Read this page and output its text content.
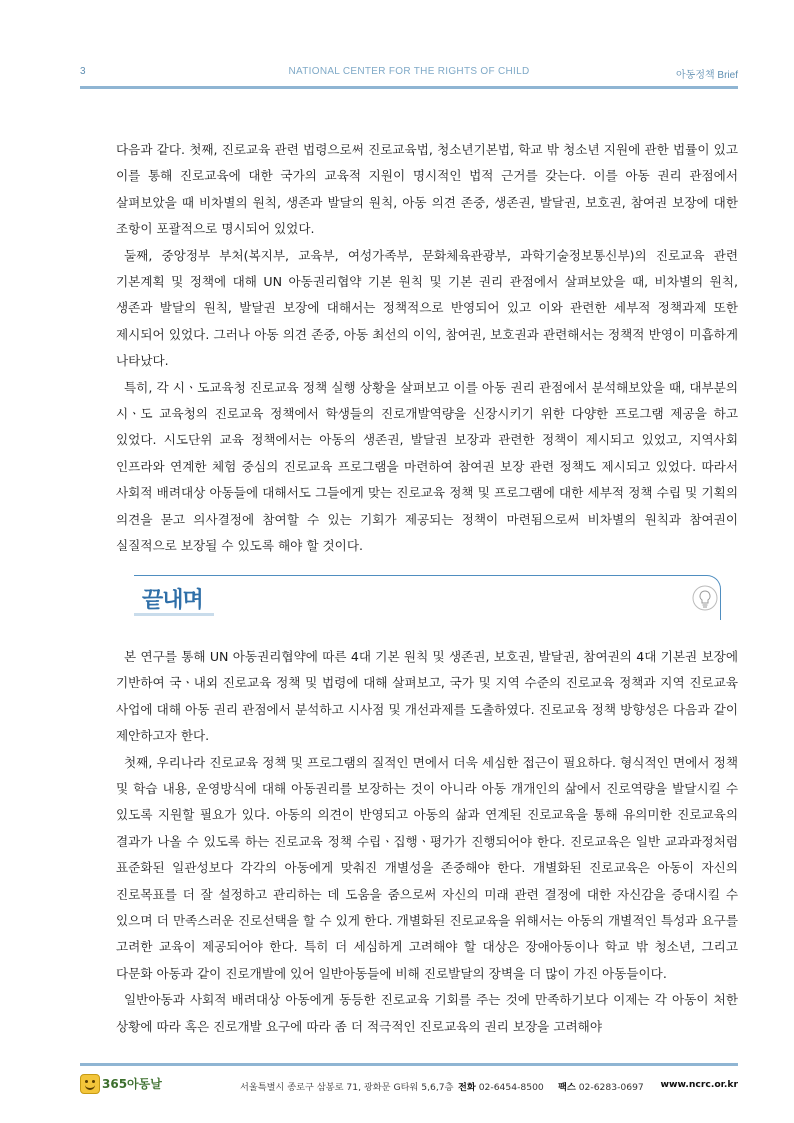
3	NATIONAL CENTER FOR THE RIGHTS OF CHILD	아동정책 Brief

다음과 같다. 첫째, 진로교육 관련 법령으로써 진로교육법, 청소년기본법, 학교 밖 청소년 지원에 관한 법률이 있고 이를 통해 진로교육에 대한 국가의 교육적 지원이 명시적인 법적 근거를 갖는다. 이를 아동 권리 관점에서 살펴보았을 때 비차별의 원칙, 생존과 발달의 원칙, 아동 의견 존중, 생존권, 발달권, 보호권, 참여권 보장에 대한 조항이 포괄적으로 명시되어 있었다.

둘째, 중앙정부 부처(복지부, 교육부, 여성가족부, 문화체육관광부, 과학기술정보통신부)의 진로교육 관련 기본계획 및 정책에 대해 UN 아동권리협약 기본 원칙 및 기본 권리 관점에서 살펴보았을 때, 비차별의 원칙, 생존과 발달의 원칙, 발달권 보장에 대해서는 정책적으로 반영되어 있고 이와 관련한 세부적 정책과제 또한 제시되어 있었다. 그러나 아동 의견 존중, 아동 최선의 이익, 참여권, 보호권과 관련해서는 정책적 반영이 미흡하게 나타났다.

특히, 각 시ㆍ도교육청 진로교육 정책 실행 상황을 살펴보고 이를 아동 권리 관점에서 분석해보았을 때, 대부분의 시ㆍ도 교육청의 진로교육 정책에서 학생들의 진로개발역량을 신장시키기 위한 다양한 프로그램 제공을 하고 있었다. 시도단위 교육 정책에서는 아동의 생존권, 발달권 보장과 관련한 정책이 제시되고 있었고, 지역사회 인프라와 연계한 체험 중심의 진로교육 프로그램을 마련하여 참여권 보장 관련 정책도 제시되고 있었다. 따라서 사회적 배려대상 아동들에 대해서도 그들에게 맞는 진로교육 정책 및 프로그램에 대한 세부적 정책 수립 및 기획의 의견을 묻고 의사결정에 참여할 수 있는 기회가 제공되는 정책이 마련됨으로써 비차별의 원칙과 참여권이 실질적으로 보장될 수 있도록 해야 할 것이다.

끝내며

본 연구를 통해 UN 아동권리협약에 따른 4대 기본 원칙 및 생존권, 보호권, 발달권, 참여권의 4대 기본권 보장에 기반하여 국ㆍ내외 진로교육 정책 및 법령에 대해 살펴보고, 국가 및 지역 수준의 진로교육 정책과 지역 진로교육 사업에 대해 아동 권리 관점에서 분석하고 시사점 및 개선과제를 도출하였다. 진로교육 정책 방향성은 다음과 같이 제안하고자 한다.

첫째, 우리나라 진로교육 정책 및 프로그램의 질적인 면에서 더욱 세심한 접근이 필요하다. 형식적인 면에서 정책 및 학습 내용, 운영방식에 대해 아동권리를 보장하는 것이 아니라 아동 개개인의 삶에서 진로역량을 발달시킬 수 있도록 지원할 필요가 있다. 아동의 의견이 반영되고 아동의 삶과 연계된 진로교육을 통해 유의미한 진로교육의 결과가 나올 수 있도록 하는 진로교육 정책 수립ㆍ집행ㆍ평가가 진행되어야 한다. 진로교육은 일반 교과과정처럼 표준화된 일관성보다 각각의 아동에게 맞춰진 개별성을 존중해야 한다. 개별화된 진로교육은 아동이 자신의 진로목표를 더 잘 설정하고 관리하는 데 도움을 줌으로써 자신의 미래 관련 결정에 대한 자신감을 증대시킬 수 있으며 더 만족스러운 진로선택을 할 수 있게 한다. 개별화된 진로교육을 위해서는 아동의 개별적인 특성과 요구를 고려한 교육이 제공되어야 한다. 특히 더 세심하게 고려해야 할 대상은 장애아동이나 학교 밖 청소년, 그리고 다문화 아동과 같이 진로개발에 있어 일반아동들에 비해 진로발달의 장벽을 더 많이 가진 아동들이다.

일반아동과 사회적 배려대상 아동에게 동등한 진로교육 기회를 주는 것에 만족하기보다 이제는 각 아동이 처한 상황에 따라 혹은 진로개발 요구에 따라 좀 더 적극적인 진로교육의 권리 보장을 고려해야

365아동날	서울특별시 종로구 삼봉로 71, 광화문 G타워 5,6,7층 전화 02-6454-8500 팩스 02-6283-0697 www.ncrc.or.kr
